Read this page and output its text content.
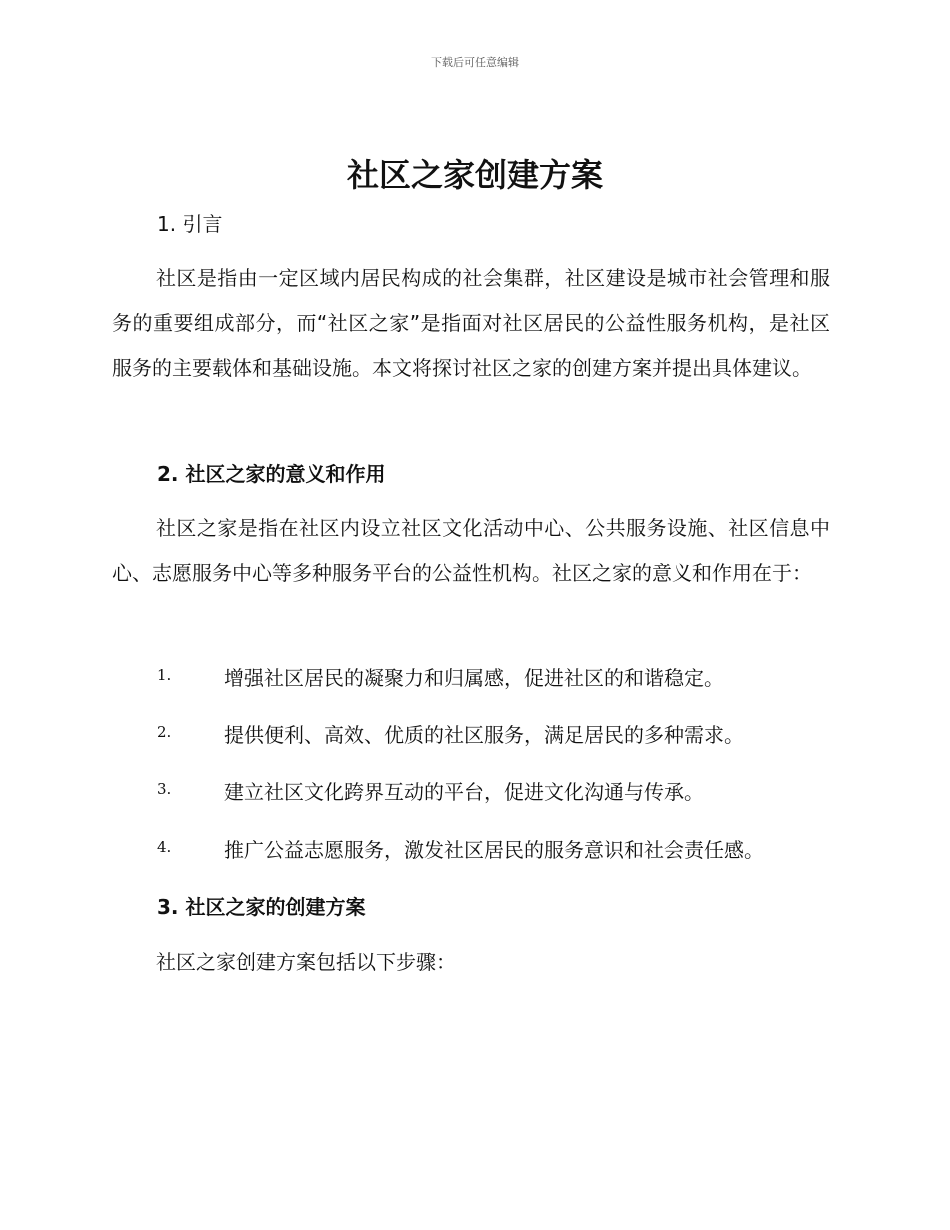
下载后可任意编辑
社区之家创建方案
1. 引言

社区是指由一定区域内居民构成的社会集群，社区建设是城市社会管理和服务的重要组成部分，而“社区之家”是指面对社区居民的公益性服务机构，是社区服务的主要载体和基础设施。本文将探讨社区之家的创建方案并提出具体建议。

2. 社区之家的意义和作用

社区之家是指在社区内设立社区文化活动中心、公共服务设施、社区信息中心、志愿服务中心等多种服务平台的公益性机构。社区之家的意义和作用在于：

1.	增强社区居民的凝聚力和归属感，促进社区的和谐稳定。
2.	提供便利、高效、优质的社区服务，满足居民的多种需求。
3.	建立社区文化跨界互动的平台，促进文化沟通与传承。
4.	推广公益志愿服务，激发社区居民的服务意识和社会责任感。
3. 社区之家的创建方案

社区之家创建方案包括以下步骤：
